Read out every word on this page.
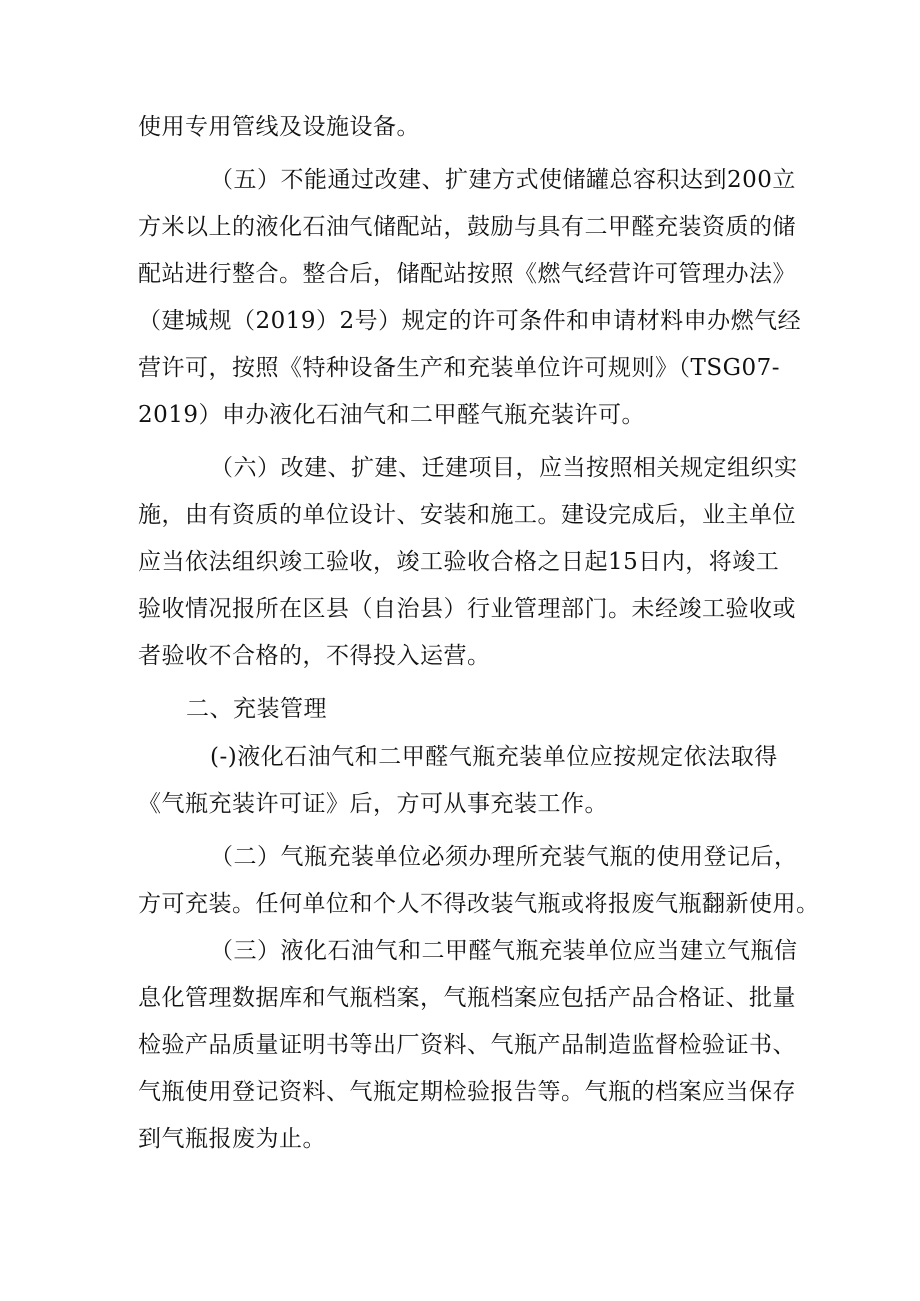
使用专用管线及设施设备。
（五）不能通过改建、扩建方式使储罐总容积达到200立
方米以上的液化石油气储配站，鼓励与具有二甲醛充装资质的储
配站进行整合。整合后，储配站按照《燃气经营许可管理办法》
（建城规（2019）2号）规定的许可条件和申请材料申办燃气经
营许可，按照《特种设备生产和充装单位许可规则》（TSG07-
2019）申办液化石油气和二甲醛气瓶充装许可。
（六）改建、扩建、迁建项目，应当按照相关规定组织实
施，由有资质的单位设计、安装和施工。建设完成后，业主单位
应当依法组织竣工验收，竣工验收合格之日起15日内，将竣工
验收情况报所在区县（自治县）行业管理部门。未经竣工验收或
者验收不合格的，不得投入运营。
二、充装管理
(-)液化石油气和二甲醛气瓶充装单位应按规定依法取得
《气瓶充装许可证》后，方可从事充装工作。
（二）气瓶充装单位必须办理所充装气瓶的使用登记后，
方可充装。任何单位和个人不得改装气瓶或将报废气瓶翻新使用。
（三）液化石油气和二甲醛气瓶充装单位应当建立气瓶信
息化管理数据库和气瓶档案，气瓶档案应包括产品合格证、批量
检验产品质量证明书等出厂资料、气瓶产品制造监督检验证书、
气瓶使用登记资料、气瓶定期检验报告等。气瓶的档案应当保存
到气瓶报废为止。
